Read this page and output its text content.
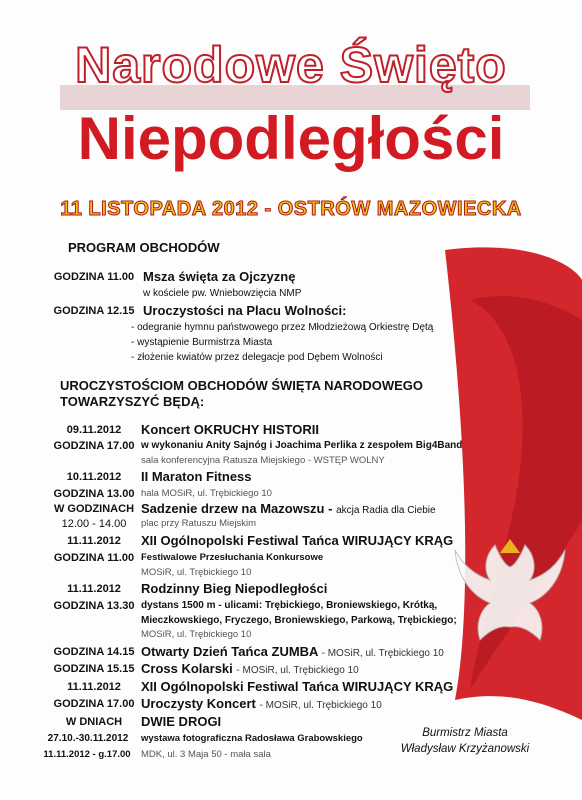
Narodowe Święto
Niepodległości
11 LISTOPADA 2012 - OSTRÓW MAZOWIECKA
PROGRAM OBCHODÓW
GODZINA 11.00 Msza święta za Ojczyznę
w kościele pw. Wniebowzięcia NMP
GODZINA 12.15 Uroczystości na Placu Wolności:
- odegranie hymnu państwowego przez Młodzieżową Orkiestrę Dętą
- wystąpienie Burmistrza Miasta
- złożenie kwiatów przez delegacje pod Dębem Wolności
UROCZYSTOŚCIOM OBCHODÓW ŚWIĘTA NARODOWEGO
TOWARZYSZYĆ BĘDĄ:
09.11.2012	Koncert OKRUCHY HISTORII
GODZINA 17.00 w wykonaniu Anity Sajnóg i Joachima Perlika z zespołem Big4Band
sala konferencyjna Ratusza Miejskiego - WSTĘP WOLNY
10.11.2012	II Maraton Fitness
GODZINA 13.00 hala MOSiR, ul. Trębickiego 10
W GODZINACH Sadzenie drzew na Mazowszu - akcja Radia dla Ciebie
12.00 - 14.00	plac przy Ratuszu Miejskim
11.11.2012	XII Ogólnopolski Festiwal Tańca WIRUJĄCY KRĄG
GODZINA 11.00 Festiwalowe Przesłuchania Konkursowe
MOSiR, ul. Trębickiego 10
11.11.2012	Rodzinny Bieg Niepodległości
GODZINA 13.30 dystans 1500 m - ulicami: Trębickiego, Broniewskiego, Krótką,
Mieczkowskiego, Fryczego, Broniewskiego, Parkową, Trębickiego;
MOSiR, ul. Trębickiego 10
GODZINA 14.15 Otwarty Dzień Tańca ZUMBA - MOSiR, ul. Trębickiego 10
GODZINA 15.15 Cross Kolarski - MOSiR, ul. Trębickiego 10
11.11.2012	XII Ogólnopolski Festiwal Tańca WIRUJĄCY KRĄG
GODZINA 17.00 Uroczysty Koncert - MOSiR, ul. Trębickiego 10
W DNIACH	DWIE DROGI
27.10.-30.11.2012	wystawa fotograficzna Radosława Grabowskiego
11.11.2012 - g.17.00	MDK, ul. 3 Maja 50 - mała sala
Burmistrz Miasta
Władysław Krzyżanowski
